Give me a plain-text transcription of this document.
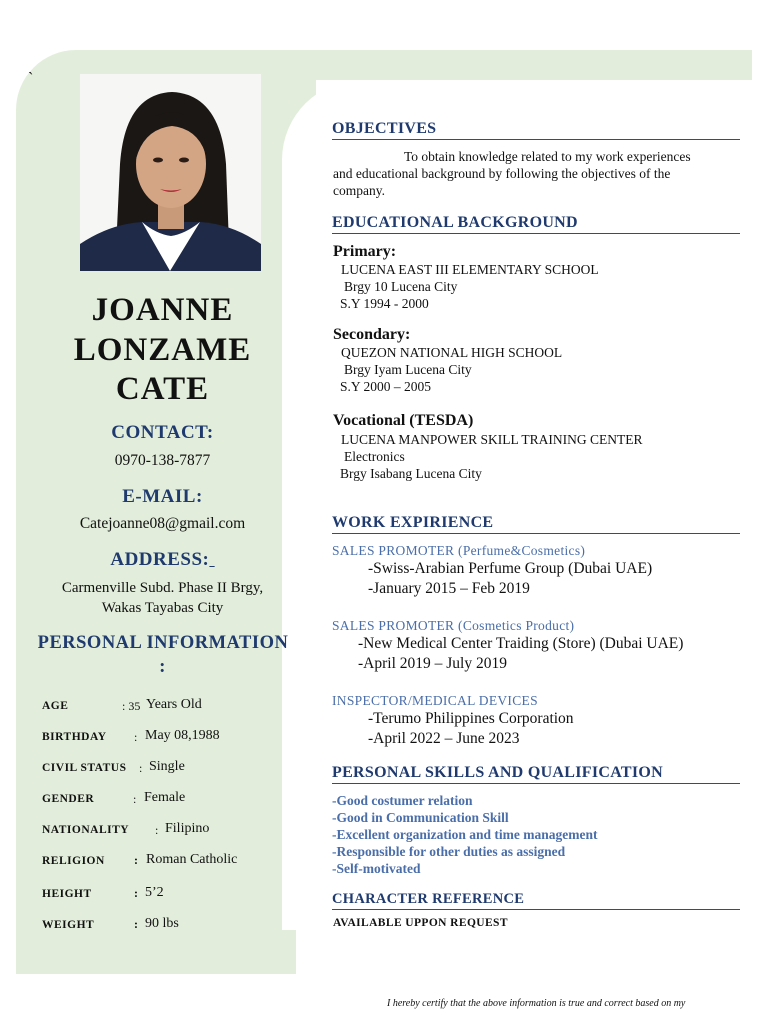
`
JOANNE
LONZAME
CATE
CONTACT:
0970-138-7877
E-MAIL:
Catejoanne08@gmail.com
ADDRESS:
Carmenville Subd. Phase II Brgy,
Wakas Tayabas City
PERSONAL INFORMATION
:
AGE	: 35 Years Old
BIRTHDAY : May 08,1988
CIVIL STATUS : Single
GENDER	: Female
NATIONALITY : Filipino
RELIGION : Roman Catholic
HEIGHT	: 5’2
WEIGHT	: 90 lbs
OBJECTIVES
To obtain knowledge related to my work experiences
and educational background by following the objectives of the
company.
EDUCATIONAL BACKGROUND
Primary:
LUCENA EAST III ELEMENTARY SCHOOL
Brgy 10 Lucena City
S.Y 1994 - 2000
Secondary:
QUEZON NATIONAL HIGH SCHOOL
Brgy Iyam Lucena City
S.Y 2000 – 2005
Vocational (TESDA)
LUCENA MANPOWER SKILL TRAINING CENTER
Electronics
Brgy Isabang Lucena City
WORK EXPIRIENCE
SALES PROMOTER (Perfume&Cosmetics)
-Swiss-Arabian Perfume Group (Dubai UAE)
-January 2015 – Feb 2019
SALES PROMOTER (Cosmetics Product)
-New Medical Center Traiding (Store) (Dubai UAE)
-April 2019 – July 2019
INSPECTOR/MEDICAL DEVICES
-Terumo Philippines Corporation
-April 2022 – June 2023
PERSONAL SKILLS AND QUALIFICATION
-Good costumer relation
-Good in Communication Skill
-Excellent organization and time management
-Responsible for other duties as assigned
-Self-motivated
CHARACTER REFERENCE
AVAILABLE UPPON REQUEST
I hereby certify that the above information is true and correct based on my
